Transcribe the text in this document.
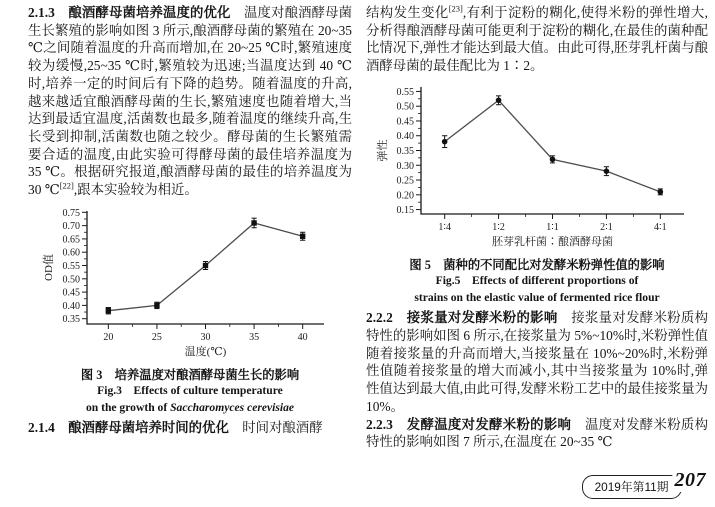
2.1.3　酿酒酵母菌培养温度的优化　温度对酿酒酵母菌生长繁殖的影响如图 3 所示,酿酒酵母菌的繁殖在 20~35 ℃之间随着温度的升高而增加,在 20~25 ℃时,繁殖速度较为缓慢,25~35 ℃时,繁殖较为迅速;当温度达到 40 ℃时,培养一定的时间后有下降的趋势。随着温度的升高,越来越适宜酿酒酵母菌的生长,繁殖速度也随着增大,当达到最适宜温度,活菌数也最多,随着温度的继续升高,生长受到抑制,活菌数也随之较少。酵母菌的生长繁殖需要合适的温度,由此实验可得酵母菌的最佳培养温度为 35 ℃。根据研究报道,酿酒酵母菌的最佳的培养温度为 30 ℃[22],跟本实验较为相近。

0.35
0.40
0.45
0.50
0.55
0.60
0.65
0.70
0.75
20	25	30	35	40
温度(℃)
OD值
图 3　培养温度对酿酒酵母菌生长的影响
Fig.3　Effects of culture temperature
on the growth of Saccharomyces cerevisiae

2.1.4　酿酒酵母菌培养时间的优化　时间对酿酒酵

结构发生变化[23],有利于淀粉的糊化,使得米粉的弹性增大,分析得酿酒酵母菌可能更利于淀粉的糊化,在最佳的菌种配比情况下,弹性才能达到最大值。由此可得,胚芽乳杆菌与酿酒酵母菌的最佳配比为 1∶2。

0.15
0.20
0.25
0.30
0.35
0.40
0.45
0.50
0.55
1∶4	1∶2	1∶1	2∶1	4∶1
胚芽乳杆菌∶酿酒酵母菌
弹性
图 5　菌种的不同配比对发酵米粉弹性值的影响
Fig.5　Effects of different proportions of
strains on the elastic value of fermented rice flour

2.2.2　接浆量对发酵米粉的影响　接浆量对发酵米粉质构特性的影响如图 6 所示,在接浆量为 5%~10%时,米粉弹性值随着接浆量的升高而增大,当接浆量在 10%~20%时,米粉弹性值随着接浆量的增大而减小,其中当接浆量为 10%时,弹性值达到最大值,由此可得,发酵米粉工艺中的最佳接浆量为 10%。

2.2.3　发酵温度对发酵米粉的影响　温度对发酵米粉质构特性的影响如图 7 所示,在温度在 20~35 ℃

2019年第11期 207
